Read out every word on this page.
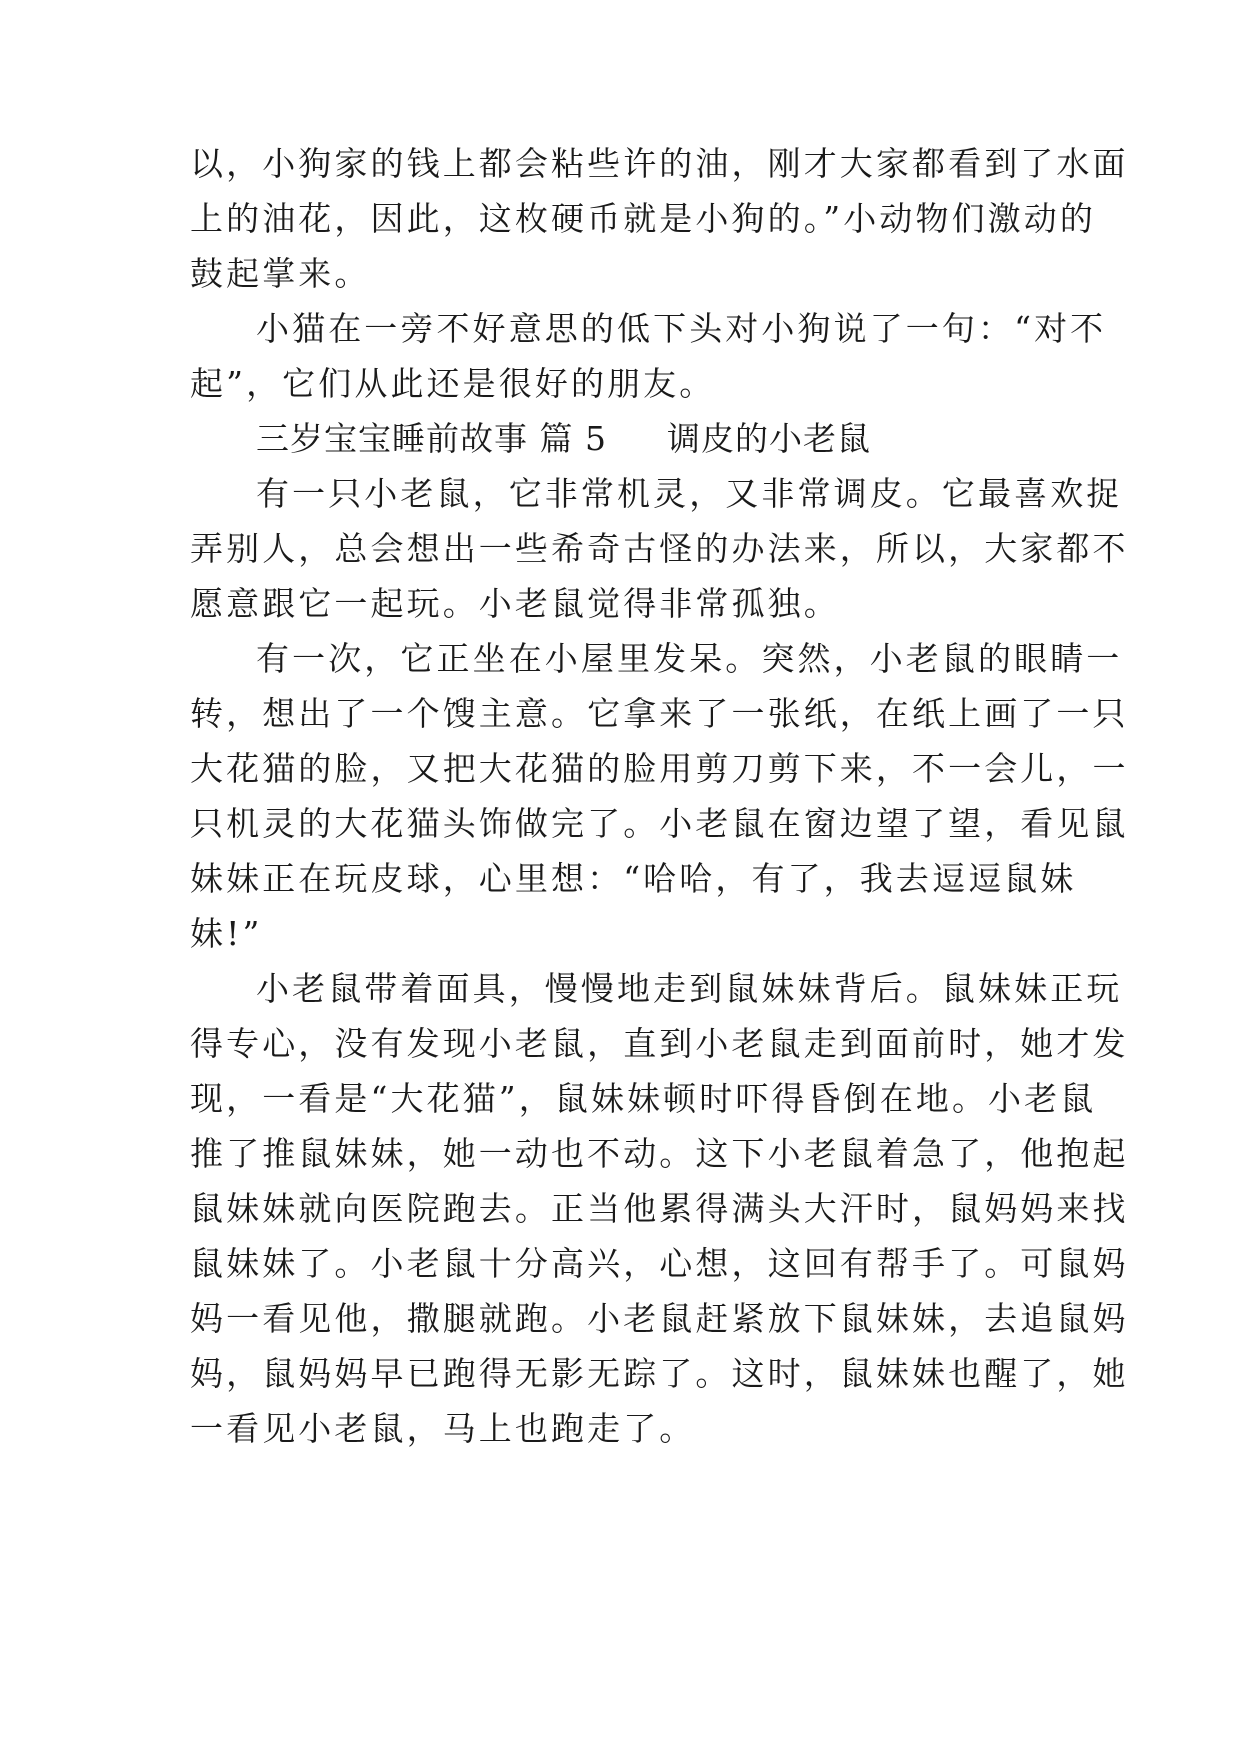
以，小狗家的钱上都会粘些许的油，刚才大家都看到了水面
上的油花，因此，这枚硬币就是小狗的。”小动物们激动的
鼓起掌来。
小猫在一旁不好意思的低下头对小狗说了一句：“对不
起”，它们从此还是很好的朋友。
三岁宝宝睡前故事 篇 5 调皮的小老鼠
有一只小老鼠，它非常机灵，又非常调皮。它最喜欢捉
弄别人，总会想出一些希奇古怪的办法来，所以，大家都不
愿意跟它一起玩。小老鼠觉得非常孤独。
有一次，它正坐在小屋里发呆。突然，小老鼠的眼睛一
转，想出了一个馊主意。它拿来了一张纸，在纸上画了一只
大花猫的脸，又把大花猫的脸用剪刀剪下来，不一会儿，一
只机灵的大花猫头饰做完了。小老鼠在窗边望了望，看见鼠
妹妹正在玩皮球，心里想：“哈哈，有了，我去逗逗鼠妹
妹!”
小老鼠带着面具，慢慢地走到鼠妹妹背后。鼠妹妹正玩
得专心，没有发现小老鼠，直到小老鼠走到面前时，她才发
现，一看是“大花猫”，鼠妹妹顿时吓得昏倒在地。小老鼠
推了推鼠妹妹，她一动也不动。这下小老鼠着急了，他抱起
鼠妹妹就向医院跑去。正当他累得满头大汗时，鼠妈妈来找
鼠妹妹了。小老鼠十分高兴，心想，这回有帮手了。可鼠妈
妈一看见他，撒腿就跑。小老鼠赶紧放下鼠妹妹，去追鼠妈
妈，鼠妈妈早已跑得无影无踪了。这时，鼠妹妹也醒了，她
一看见小老鼠，马上也跑走了。
